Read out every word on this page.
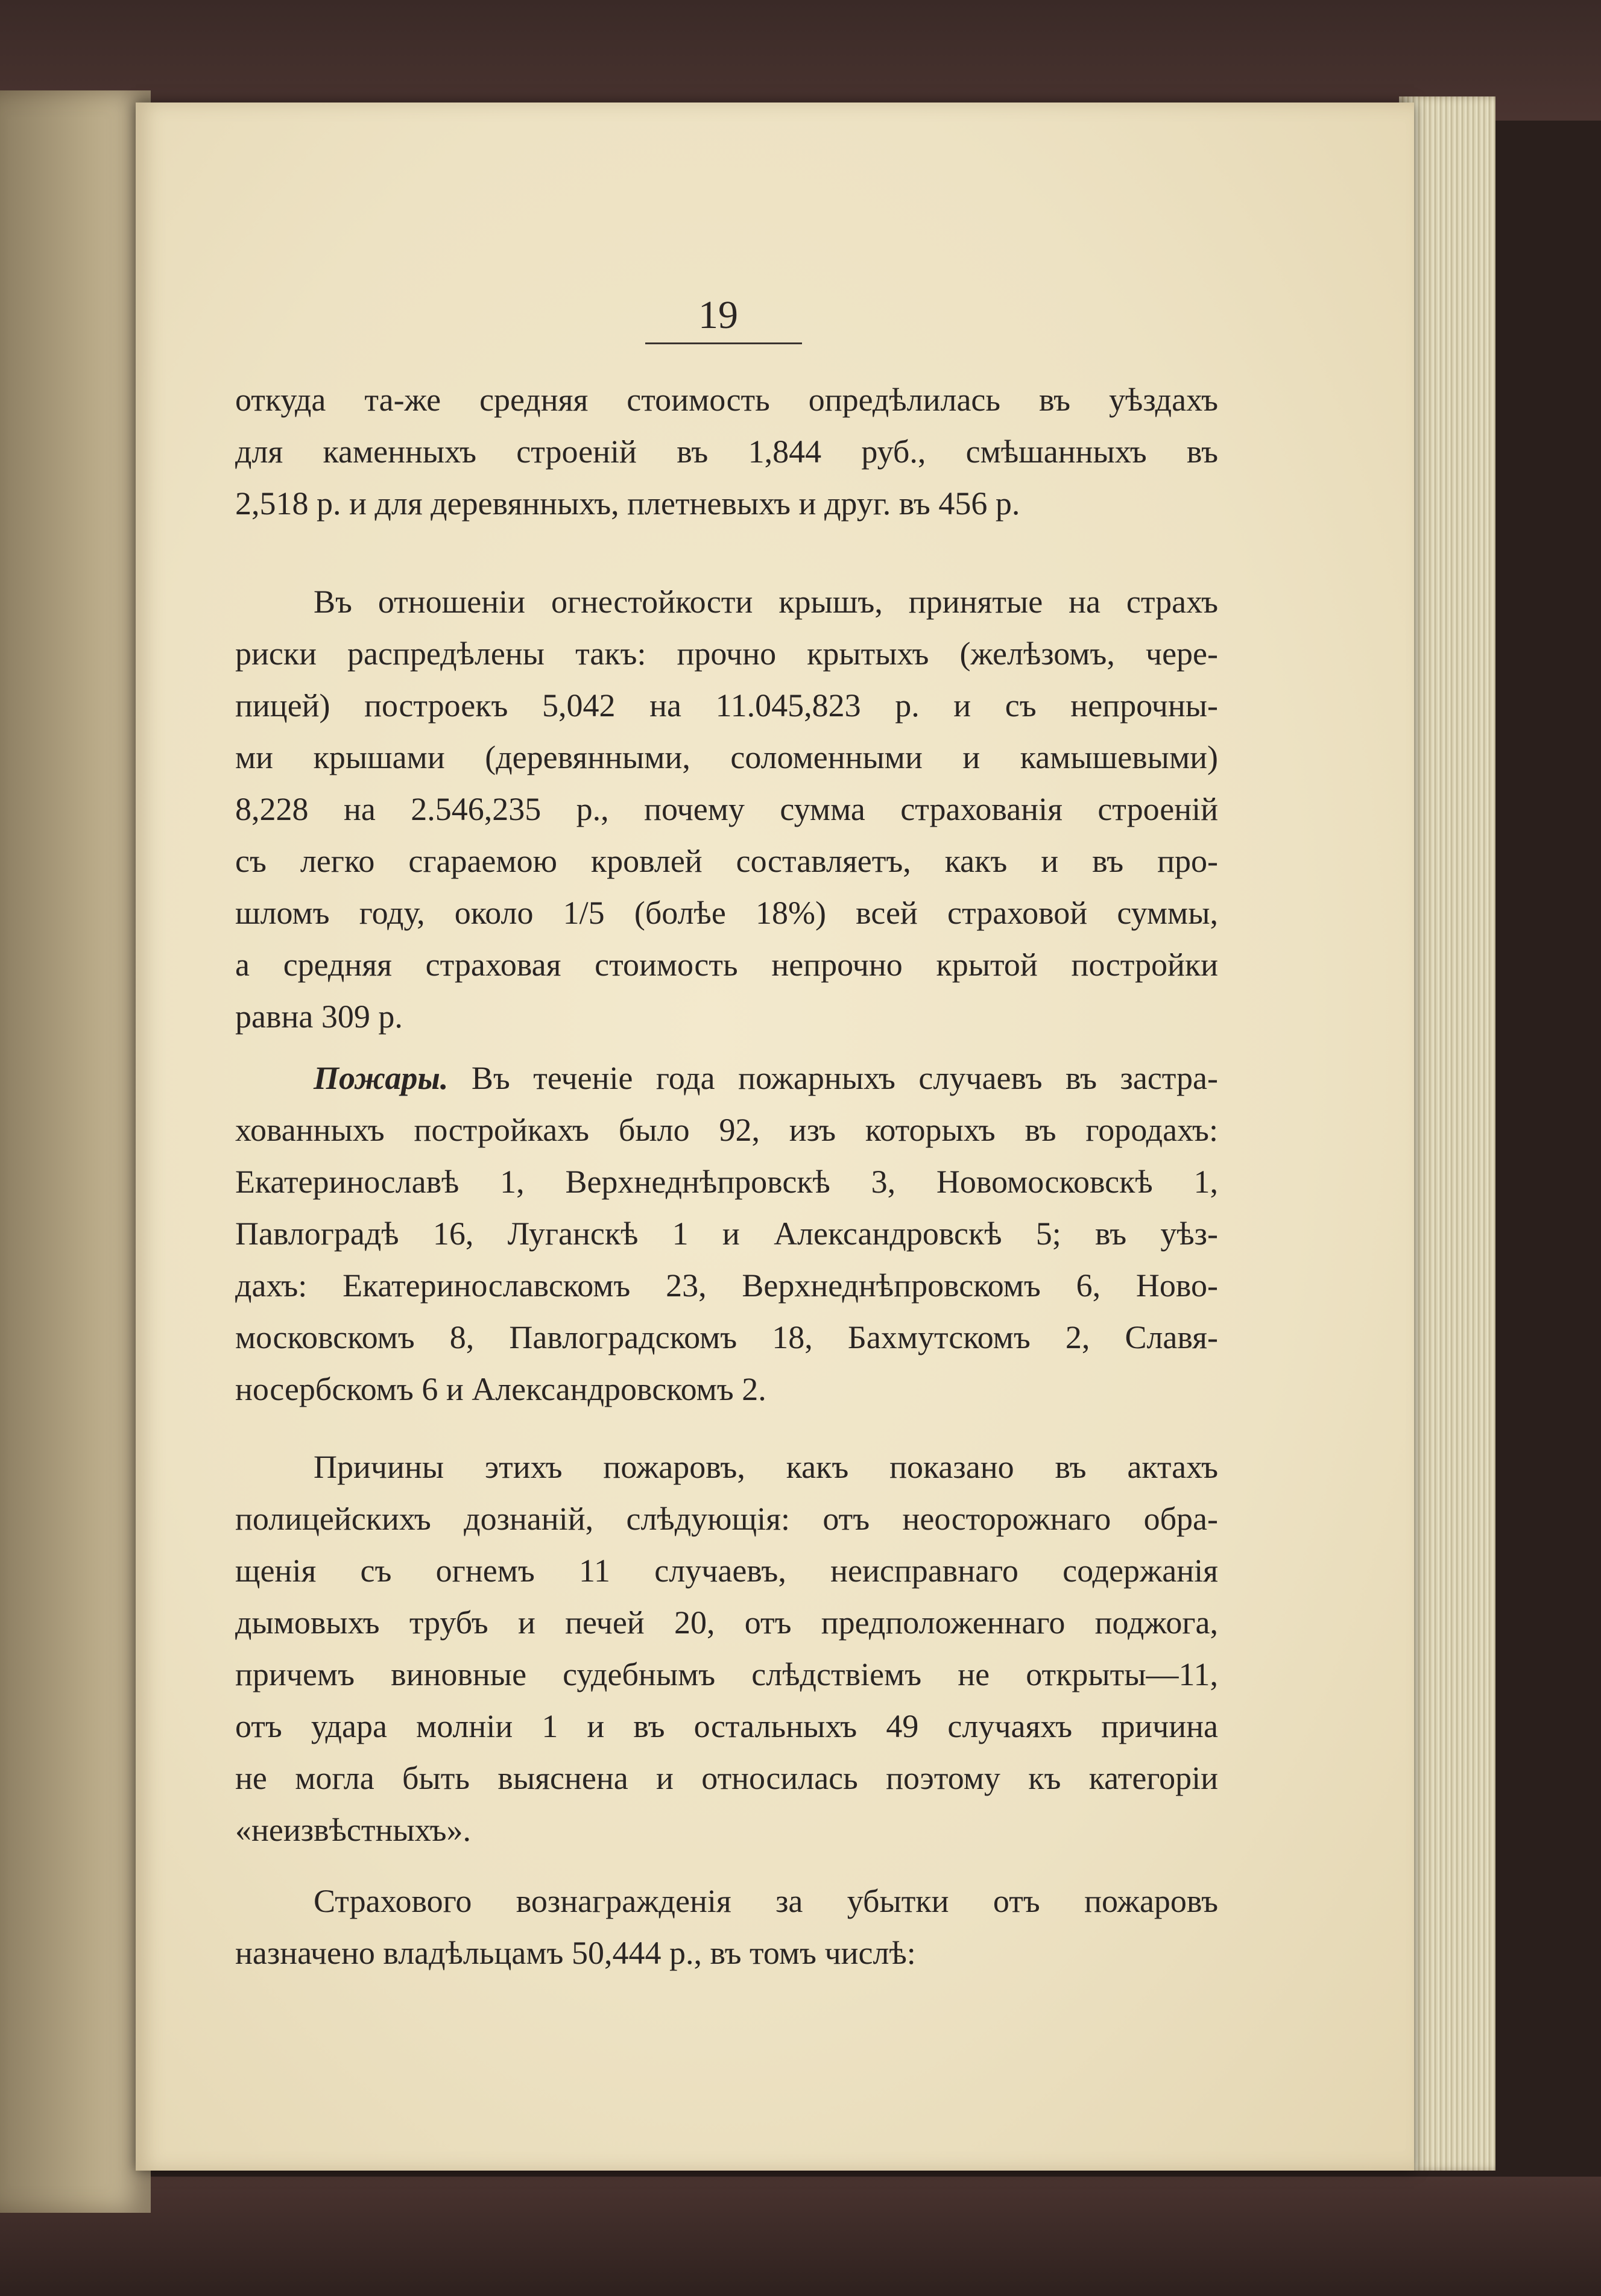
19

откуда та-же средняя стоимость опредѣлилась въ уѣздахъ
для каменныхъ строеній въ 1,844 руб., смѣшанныхъ въ
2,518 р. и для деревянныхъ, плетневыхъ и друг. въ 456 р.

Въ отношеніи огнестойкости крышъ, принятые на страхъ
риски распредѣлены такъ: прочно крытыхъ (желѣзомъ, чере-
пицей) построекъ 5,042 на 11.045,823 р. и съ непрочны-
ми крышами (деревянными, соломенными и камышевыми)
8,228 на 2.546,235 р., почему сумма страхованія строеній
съ легко сгараемою кровлей составляетъ, какъ и въ про-
шломъ году, около 1/5 (болѣе 18%) всей страховой суммы,
а средняя страховая стоимость непрочно крытой постройки
равна 309 р.

Пожары. Въ теченіе года пожарныхъ случаевъ въ застра-
хованныхъ постройкахъ было 92, изъ которыхъ въ городахъ:
Екатеринославѣ 1, Верхнеднѣпровскѣ 3, Новомосковскѣ 1,
Павлоградѣ 16, Луганскѣ 1 и Александровскѣ 5; въ уѣз-
дахъ: Екатеринославскомъ 23, Верхнеднѣпровскомъ 6, Ново-
московскомъ 8, Павлоградскомъ 18, Бахмутскомъ 2, Славя-
носербскомъ 6 и Александровскомъ 2.

Причины этихъ пожаровъ, какъ показано въ актахъ
полицейскихъ дознаній, слѣдующія: отъ неосторожнаго обра-
щенія съ огнемъ 11 случаевъ, неисправнаго содержанія
дымовыхъ трубъ и печей 20, отъ предположеннаго поджога,
причемъ виновные судебнымъ слѣдствіемъ не открыты—11,
отъ удара молніи 1 и въ остальныхъ 49 случаяхъ причина
не могла быть выяснена и относилась поэтому къ категоріи
«неизвѣстныхъ».

Страхового вознагражденія за убытки отъ пожаровъ
назначено владѣльцамъ 50,444 р., въ томъ числѣ:
